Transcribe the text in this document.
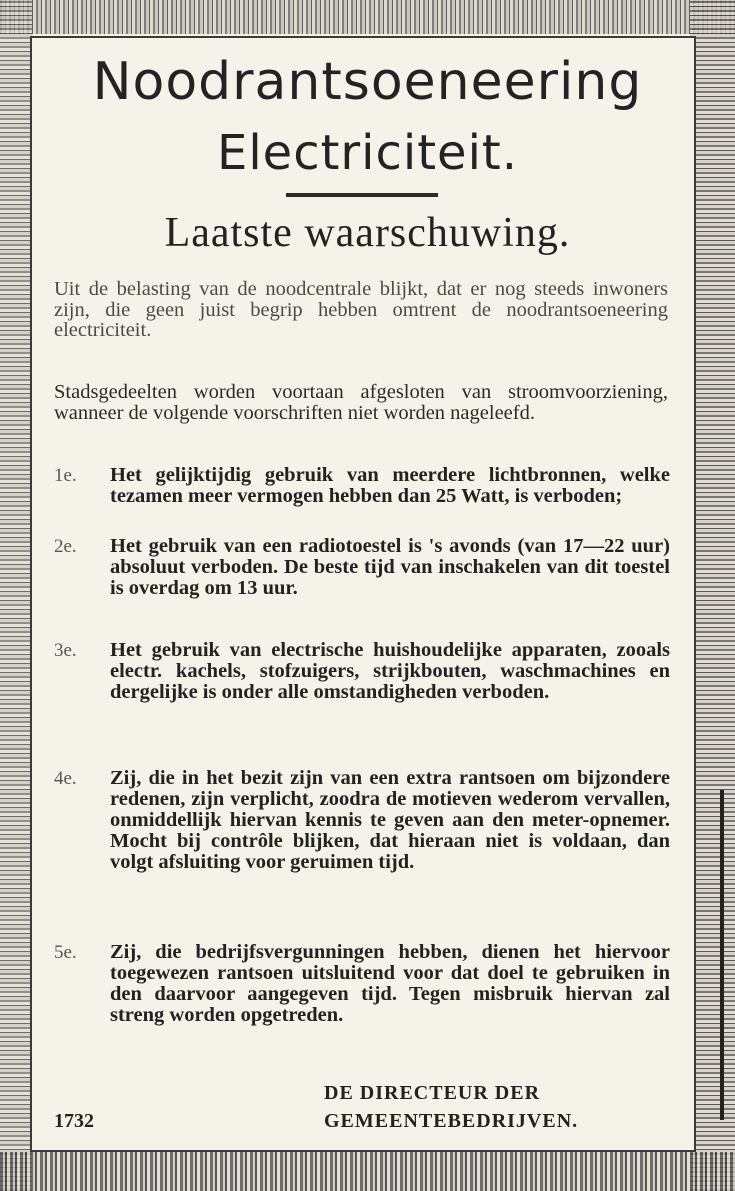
Noodrantsoeneering
Electriciteit.
Laatste waarschuwing.
Uit de belasting van de noodcentrale blijkt, dat er nog steeds inwoners zijn, die geen juist begrip hebben omtrent de noodrantsoeneering electriciteit.
Stadsgedeelten worden voortaan afgesloten van stroomvoorziening, wanneer de volgende voorschriften niet worden nageleefd.
1e.	Het gelijktijdig gebruik van meerdere lichtbronnen, welke tezamen meer vermogen hebben dan 25 Watt, is verboden;
2e.	Het gebruik van een radiotoestel is 's avonds (van 17—22 uur) absoluut verboden. De beste tijd van inschakelen van dit toestel is overdag om 13 uur.
3e.	Het gebruik van electrische huishoudelijke apparaten, zooals electr. kachels, stofzuigers, strijkbouten, waschmachines en dergelijke is onder alle omstandigheden verboden.
4e.	Zij, die in het bezit zijn van een extra rantsoen om bijzondere redenen, zijn verplicht, zoodra de motieven wederom vervallen, onmiddellijk hiervan kennis te geven aan den meter-opnemer. Mocht bij contrôle blijken, dat hieraan niet is voldaan, dan volgt afsluiting voor geruimen tijd.
5e.	Zij, die bedrijfsvergunningen hebben, dienen het hiervoor toegewezen rantsoen uitsluitend voor dat doel te gebruiken in den daarvoor aangegeven tijd. Tegen misbruik hiervan zal streng worden opgetreden.
DE DIRECTEUR DER
GEMEENTEBEDRIJVEN.
1732
